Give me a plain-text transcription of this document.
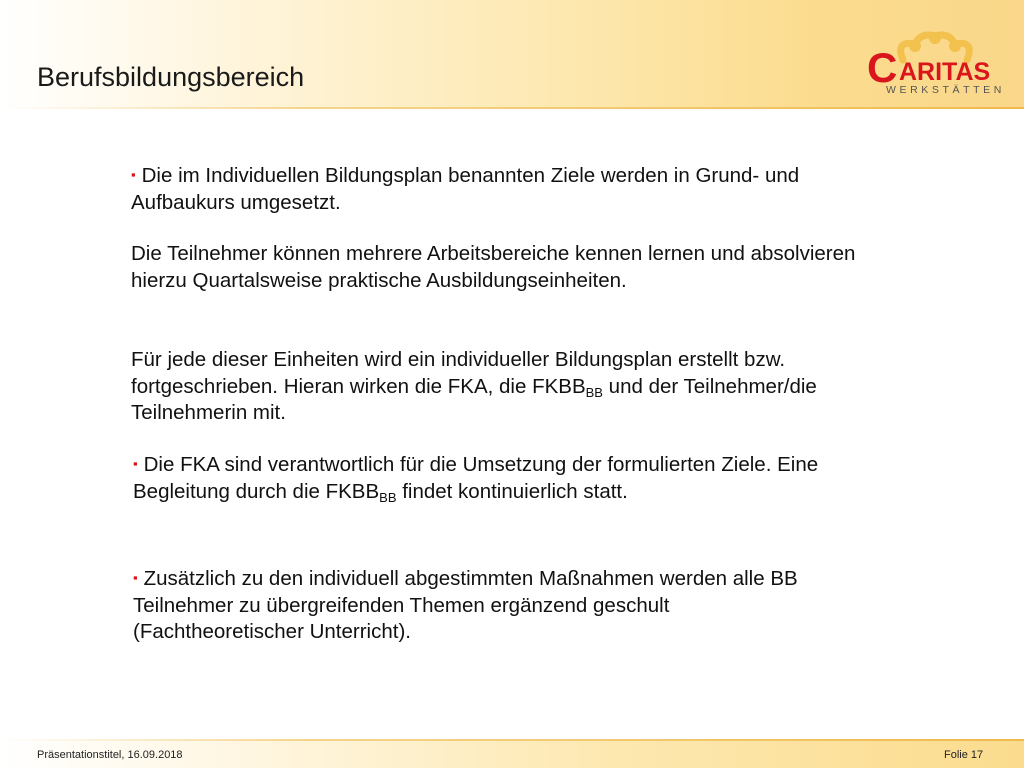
Berufsbildungsbereich	C ARITAS
WERKSTÄTTEN

▪ Die im Individuellen Bildungsplan benannten Ziele werden in Grund- und Aufbaukurs umgesetzt.

Die Teilnehmer können mehrere Arbeitsbereiche kennen lernen und absolvieren hierzu Quartalsweise praktische Ausbildungseinheiten.

Für jede dieser Einheiten wird ein individueller Bildungsplan erstellt bzw. fortgeschrieben. Hieran wirken die FKA, die $FKBB_{BB}$ und der Teilnehmer/die Teilnehmerin mit.

▪ Die FKA sind verantwortlich für die Umsetzung der formulierten Ziele. Eine Begleitung durch die $FKBB_{BB}$ findet kontinuierlich statt.

▪ Zusätzlich zu den individuell abgestimmten Maßnahmen werden alle BB Teilnehmer zu übergreifenden Themen ergänzend geschult (Fachtheoretischer Unterricht).

Präsentationstitel, 16.09.2018	Folie 17
